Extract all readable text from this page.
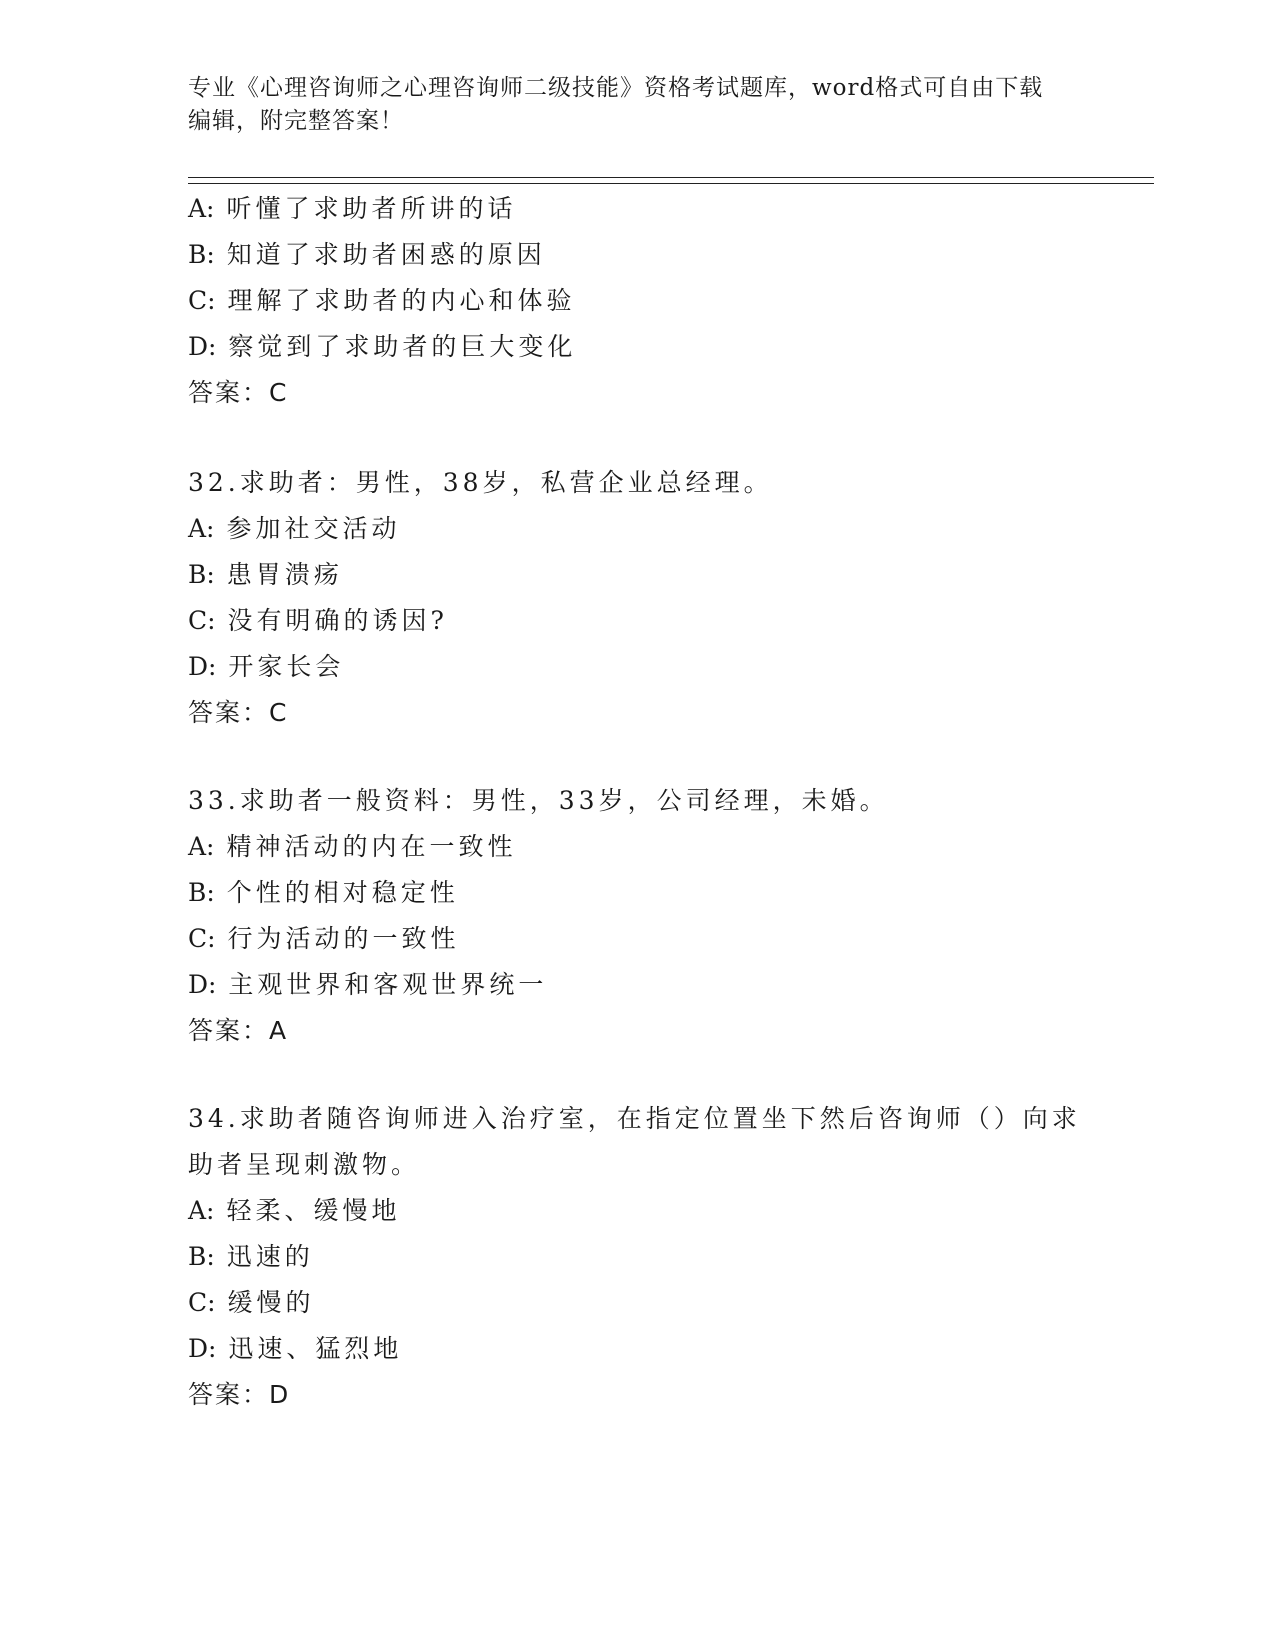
专业《心理咨询师之心理咨询师二级技能》资格考试题库，word格式可自由下载
编辑，附完整答案！
A: 听懂了求助者所讲的话
B: 知道了求助者困惑的原因
C: 理解了求助者的内心和体验
D: 察觉到了求助者的巨大变化
答案：C
32.求助者：男性，38岁，私营企业总经理。
A: 参加社交活动
B: 患胃溃疡
C: 没有明确的诱因?
D: 开家长会
答案：C
33.求助者一般资料：男性，33岁，公司经理，未婚。
A: 精神活动的内在一致性
B: 个性的相对稳定性
C: 行为活动的一致性
D: 主观世界和客观世界统一
答案：A
34.求助者随咨询师进入治疗室，在指定位置坐下然后咨询师（）向求
助者呈现刺激物。
A: 轻柔、缓慢地
B: 迅速的
C: 缓慢的
D: 迅速、猛烈地
答案：D
